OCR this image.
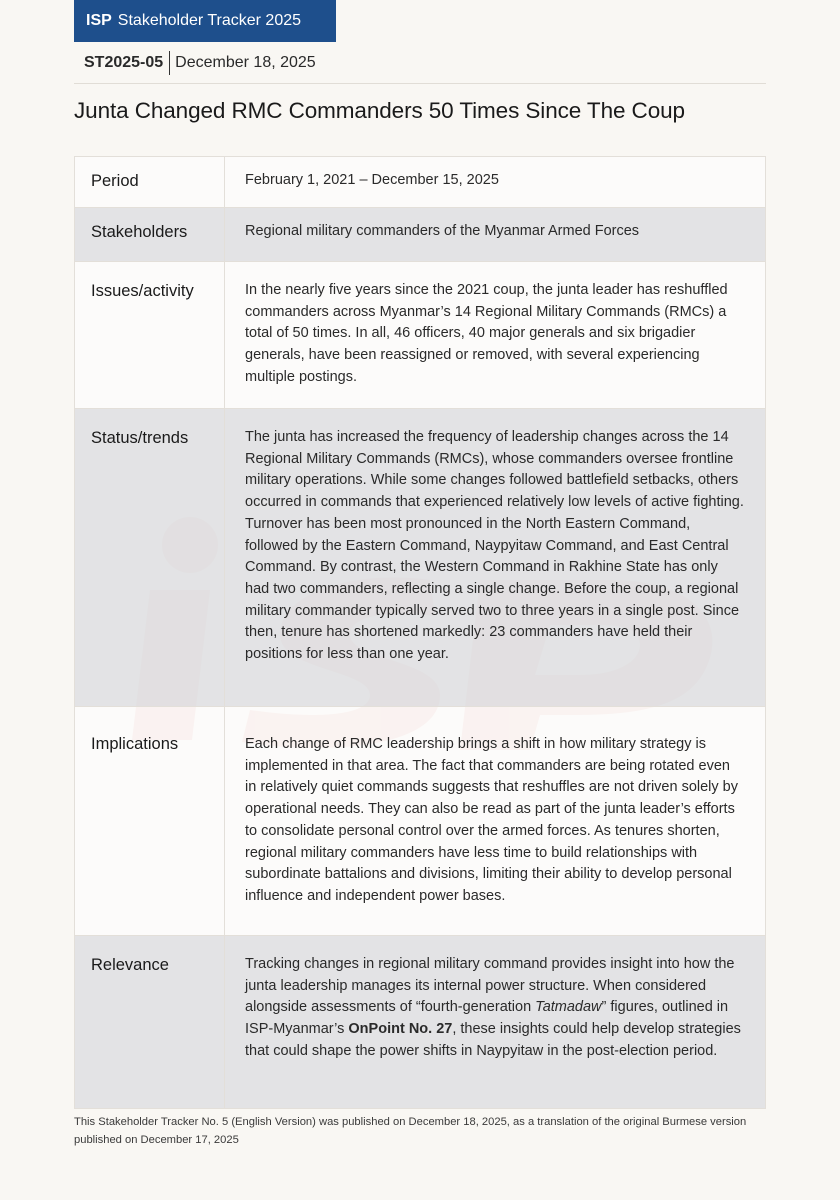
ISP Stakeholder Tracker 2025
ST2025-05 December 18, 2025
Junta Changed RMC Commanders 50 Times Since The Coup
Period	February 1, 2021 – December 15, 2025
Stakeholders	Regional military commanders of the Myanmar Armed Forces
Issues/activity	In the nearly five years since the 2021 coup, the junta leader has reshuffled commanders across Myanmar’s 14 Regional Military Commands (RMCs) a total of 50 times. In all, 46 officers, 40 major generals and six brigadier generals, have been reassigned or removed, with several experiencing multiple postings.
Status/trends	The junta has increased the frequency of leadership changes across the 14 Regional Military Commands (RMCs), whose commanders oversee frontline military operations. While some changes followed battlefield setbacks, others occurred in commands that experienced relatively low levels of active fighting. Turnover has been most pronounced in the North Eastern Command, followed by the Eastern Command, Naypyitaw Command, and East Central Command. By contrast, the Western Command in Rakhine State has only had two commanders, reflecting a single change. Before the coup, a regional military commander typically served two to three years in a single post. Since then, tenure has shortened markedly: 23 commanders have held their positions for less than one year.
Implications	Each change of RMC leadership brings a shift in how military strategy is implemented in that area. The fact that commanders are being rotated even in relatively quiet commands suggests that reshuffles are not driven solely by operational needs. They can also be read as part of the junta leader’s efforts to consolidate personal control over the armed forces. As tenures shorten, regional military commanders have less time to build relationships with subordinate battalions and divisions, limiting their ability to develop personal influence and independent power bases.
Relevance	Tracking changes in regional military command provides insight into how the junta leadership manages its internal power structure. When considered alongside assessments of “fourth-generation Tatmadaw” figures, outlined in ISP-Myanmar’s OnPoint No. 27, these insights could help develop strategies that could shape the power shifts in Naypyitaw in the post-election period.
This Stakeholder Tracker No. 5 (English Version) was published on December 18, 2025, as a translation of the original Burmese version published on December 17, 2025
